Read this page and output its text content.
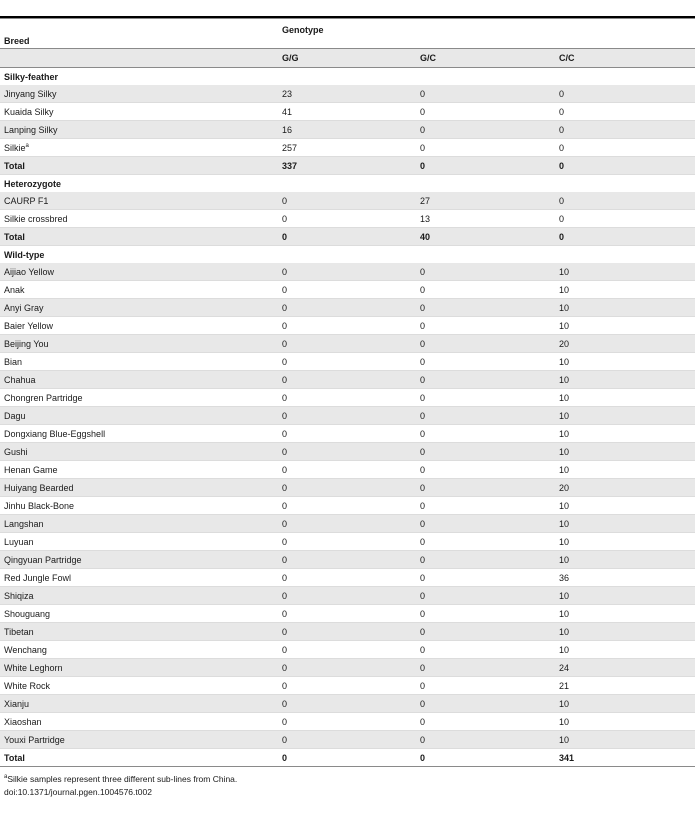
Breed	Genotype		
	G/G	G/C	C/C
Silky-feather			
Jinyang Silky	23	0	0
Kuaida Silky	41	0	0
Lanping Silky	16	0	0
Silkie$^a$	257	0	0
Total	337	0	0
Heterozygote			
CAURP F1	0	27	0
Silkie crossbred	0	13	0
Total	0	40	0
Wild-type			
Aijiao Yellow	0	0	10
Anak	0	0	10
Anyi Gray	0	0	10
Baier Yellow	0	0	10
Beijing You	0	0	20
Bian	0	0	10
Chahua	0	0	10
Chongren Partridge	0	0	10
Dagu	0	0	10
Dongxiang Blue-Eggshell	0	0	10
Gushi	0	0	10
Henan Game	0	0	10
Huiyang Bearded	0	0	20
Jinhu Black-Bone	0	0	10
Langshan	0	0	10
Luyuan	0	0	10
Qingyuan Partridge	0	0	10
Red Jungle Fowl	0	0	36
Shiqiza	0	0	10
Shouguang	0	0	10
Tibetan	0	0	10
Wenchang	0	0	10
White Leghorn	0	0	24
White Rock	0	0	21
Xianju	0	0	10
Xiaoshan	0	0	10
Youxi Partridge	0	0	10
Total	0	0	341
$^a$Silkie samples represent three different sub-lines from China.
doi:10.1371/journal.pgen.1004576.t002
